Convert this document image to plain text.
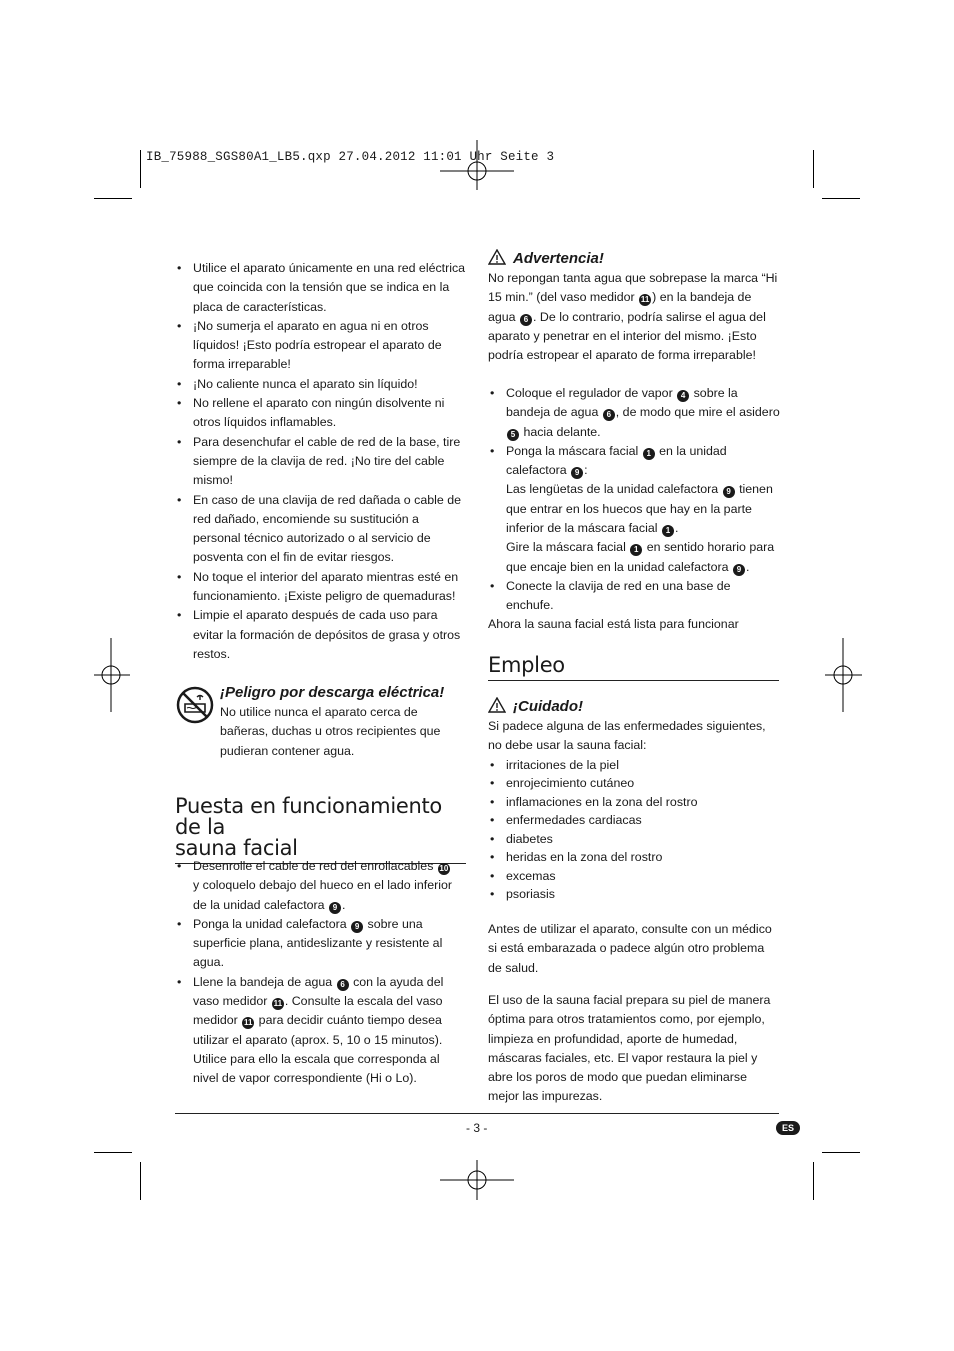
IB_75988_SGS80A1_LB5.qxp 27.04.2012 11:01 Uhr Seite 3
• Utilice el aparato únicamente en una red eléctrica que coincida con la tensión que se indica en la placa de características.
• ¡No sumerja el aparato en agua ni en otros líquidos! ¡Esto podría estropear el aparato de forma irreparable!
• ¡No caliente nunca el aparato sin líquido!
• No rellene el aparato con ningún disolvente ni otros líquidos inflamables.
• Para desenchufar el cable de red de la base, tire siempre de la clavija de red. ¡No tire del cable mismo!
• En caso de una clavija de red dañada o cable de red dañado, encomiende su sustitución a personal técnico autorizado o al servicio de posventa con el fin de evitar riesgos.
• No toque el interior del aparato mientras esté en funcionamiento. ¡Existe peligro de quemaduras!
• Limpie el aparato después de cada uso para evitar la formación de depósitos de grasa y otros restos.
¡Peligro por descarga eléctrica!

No utilice nunca el aparato cerca de bañeras, duchas u otros recipientes que pudieran contener agua.

Puesta en funcionamiento de la
sauna facial
• Desenrolle el cable de red del enrollacables 10
y coloquelo debajo del hueco en el lado inferior de la unidad calefactora 9 .
• Ponga la unidad calefactora 9 sobre una superficie plana, antideslizante y resistente al agua.
• Llene la bandeja de agua 6 con la ayuda del vaso medidor 11 . Consulte la escala del vaso medidor 11 para decidir cuánto tiempo desea utilizar el aparato (aprox. 5, 10 o 15 minutos). Utilice para ello la escala que corresponda al nivel de vapor correspondiente (Hi o Lo).
Advertencia!

No repongan tanta agua que sobrepase la marca “Hi 15 min.” (del vaso medidor 11 ) en la bandeja de agua 6 . De lo contrario, podría salirse el agua del aparato y penetrar en el interior del mismo. ¡Esto podría estropear el aparato de forma irreparable!

• Coloque el regulador de vapor 4 sobre la bandeja de agua 6 , de modo que mire el asidero 5 hacia delante.
• Ponga la máscara facial 1 en la unidad calefactora 9 :
Las lengüetas de la unidad calefactora 9 tienen que entrar en los huecos que hay en la parte inferior de la máscara facial 1 .
Gire la máscara facial 1 en sentido horario para que encaje bien en la unidad calefactora 9 .
• Conecte la clavija de red en una base de enchufe.
Ahora la sauna facial está lista para funcionar
Empleo
¡Cuidado!

Si padece alguna de las enfermedades siguientes, no debe usar la sauna facial:

• irritaciones de la piel
• enrojecimiento cutáneo
• inflamaciones en la zona del rostro
• enfermedades cardiacas
• diabetes
• heridas en la zona del rostro
• excemas
• psoriasis
Antes de utilizar el aparato, consulte con un médico si está embarazada o padece algún otro problema de salud.
El uso de la sauna facial prepara su piel de manera óptima para otros tratamientos como, por ejemplo, limpieza en profundidad, aporte de humedad, máscaras faciales, etc. El vapor restaura la piel y abre los poros de modo que puedan eliminarse mejor las impurezas.
- 3 -	ES
